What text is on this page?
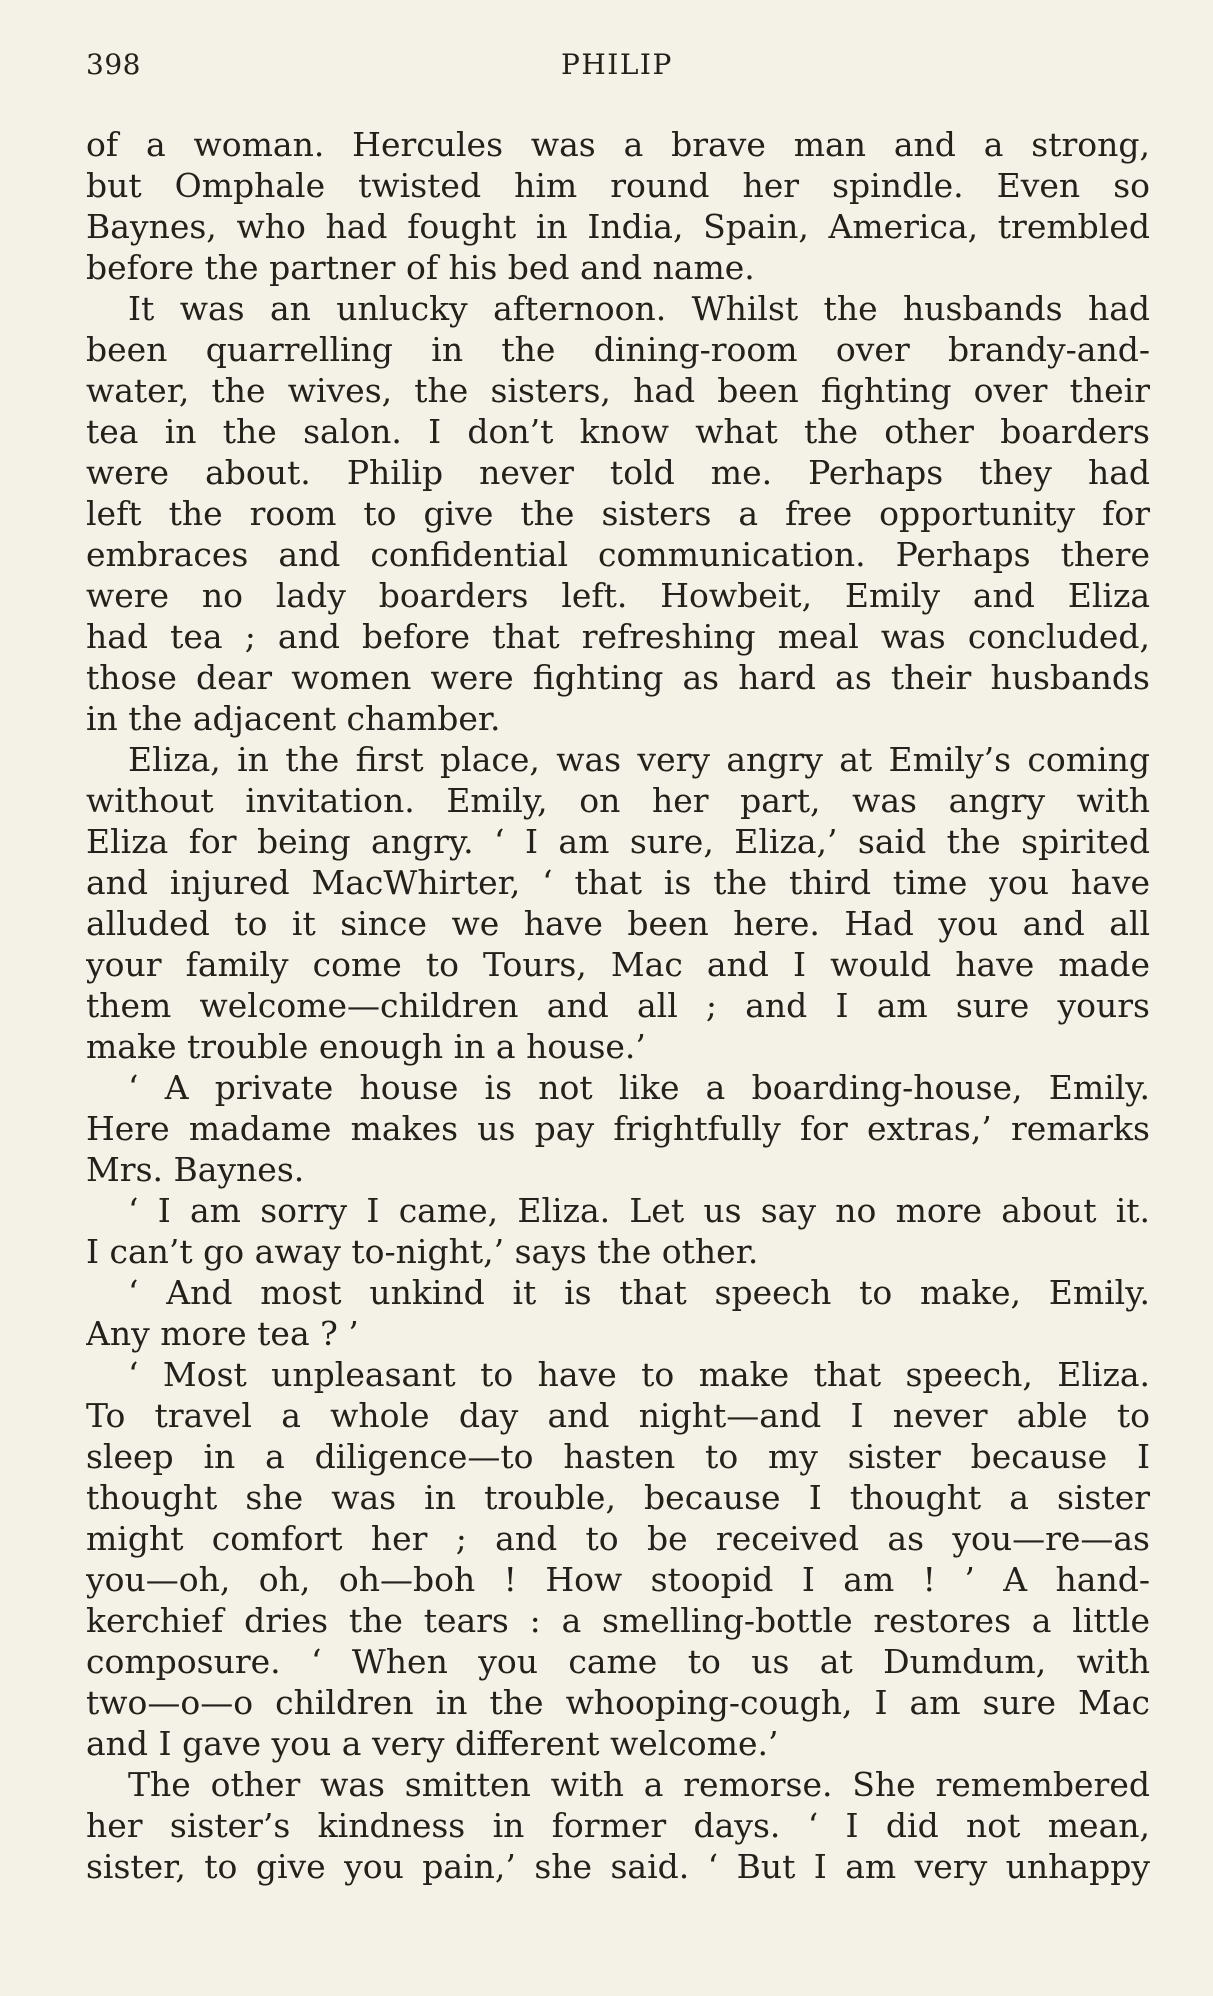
398	PHILIP
of a woman. Hercules was a brave man and a strong,
but Omphale twisted him round her spindle. Even so
Baynes, who had fought in India, Spain, America, trembled
before the partner of his bed and name.
It was an unlucky afternoon. Whilst the husbands had
been quarrelling in the dining-room over brandy-and-
water, the wives, the sisters, had been fighting over their
tea in the salon. I don’t know what the other boarders
were about. Philip never told me. Perhaps they had
left the room to give the sisters a free opportunity for
embraces and confidential communication. Perhaps there
were no lady boarders left. Howbeit, Emily and Eliza
had tea ; and before that refreshing meal was concluded,
those dear women were fighting as hard as their husbands
in the adjacent chamber.
Eliza, in the first place, was very angry at Emily’s coming
without invitation. Emily, on her part, was angry with
Eliza for being angry. ‘ I am sure, Eliza,’ said the spirited
and injured MacWhirter, ‘ that is the third time you have
alluded to it since we have been here. Had you and all
your family come to Tours, Mac and I would have made
them welcome—children and all ; and I am sure yours
make trouble enough in a house.’
‘ A private house is not like a boarding-house, Emily.
Here madame makes us pay frightfully for extras,’ remarks
Mrs. Baynes.
‘ I am sorry I came, Eliza. Let us say no more about it.
I can’t go away to-night,’ says the other.
‘ And most unkind it is that speech to make, Emily.
Any more tea ? ’
‘ Most unpleasant to have to make that speech, Eliza.
To travel a whole day and night—and I never able to
sleep in a diligence—to hasten to my sister because I
thought she was in trouble, because I thought a sister
might comfort her ; and to be received as you—re—as
you—oh, oh, oh—boh ! How stoopid I am ! ’ A hand-
kerchief dries the tears : a smelling-bottle restores a little
composure. ‘ When you came to us at Dumdum, with
two—o—o children in the whooping-cough, I am sure Mac
and I gave you a very different welcome.’
The other was smitten with a remorse. She remembered
her sister’s kindness in former days. ‘ I did not mean,
sister, to give you pain,’ she said. ‘ But I am very unhappy
